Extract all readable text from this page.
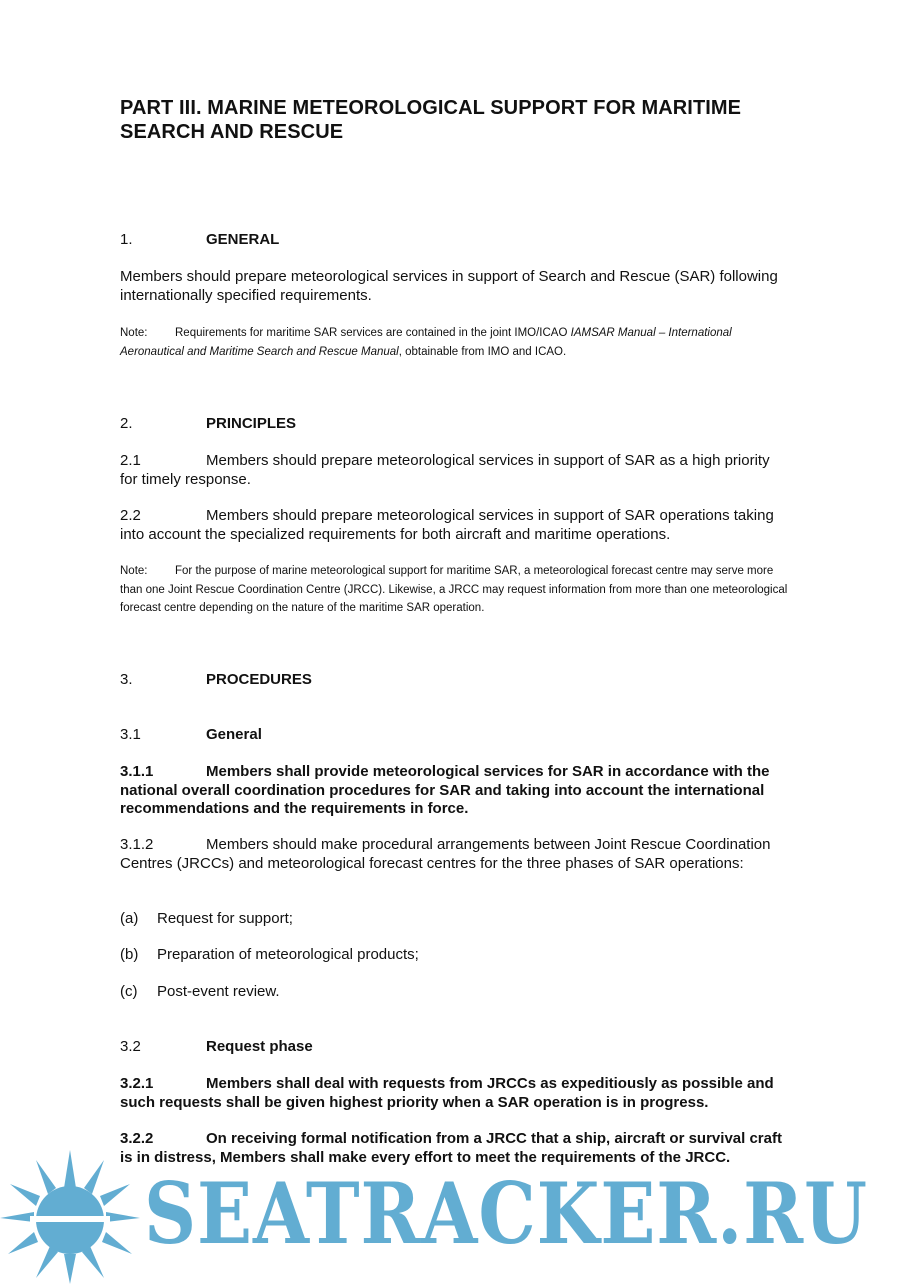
PART III. MARINE METEOROLOGICAL SUPPORT FOR MARITIME SEARCH AND RESCUE
1.	GENERAL
Members should prepare meteorological services in support of Search and Rescue (SAR) following internationally specified requirements.
Note: Requirements for maritime SAR services are contained in the joint IMO/ICAO IAMSAR Manual – International Aeronautical and Maritime Search and Rescue Manual, obtainable from IMO and ICAO.
2.	PRINCIPLES
2.1	Members should prepare meteorological services in support of SAR as a high priority for timely response.
2.2	Members should prepare meteorological services in support of SAR operations taking into account the specialized requirements for both aircraft and maritime operations.
Note: For the purpose of marine meteorological support for maritime SAR, a meteorological forecast centre may serve more than one Joint Rescue Coordination Centre (JRCC). Likewise, a JRCC may request information from more than one meteorological forecast centre depending on the nature of the maritime SAR operation.
3.	PROCEDURES
3.1	General
3.1.1	Members shall provide meteorological services for SAR in accordance with the national overall coordination procedures for SAR and taking into account the international recommendations and the requirements in force.
3.1.2	Members should make procedural arrangements between Joint Rescue Coordination Centres (JRCCs) and meteorological forecast centres for the three phases of SAR operations:
(a) Request for support;
(b) Preparation of meteorological products;
(c) Post-event review.
3.2	Request phase
3.2.1	Members shall deal with requests from JRCCs as expeditiously as possible and such requests shall be given highest priority when a SAR operation is in progress.
3.2.2	On receiving formal notification from a JRCC that a ship, aircraft or survival craft is in distress, Members shall make every effort to meet the requirements of the JRCC.
SEATRACKER.RU
